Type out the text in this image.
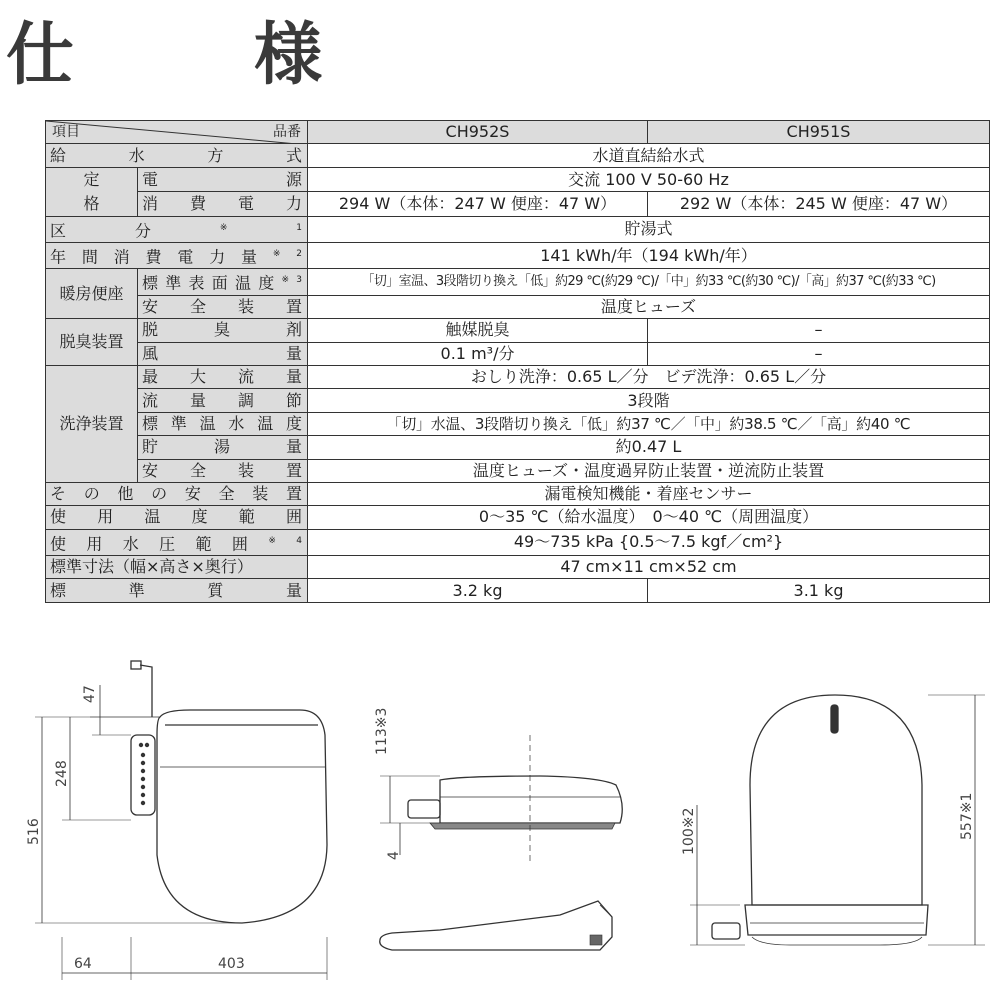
仕　様
項目 品番		CH952S	CH951S
給水方式		水道直結給水式	
定格	電源	交流 100 V 50-60 Hz	
	消費電力	294 W（本体：247 W 便座：47 W）	292 W（本体：245 W 便座：47 W）
区分$^{※1}$		貯湯式	
年間消費電力量$^{※2}$		141 kWh/年（194 kWh/年）	
暖房便座	標準表面温度$^{※3}$	「切」室温、3段階切り換え「低」約29 ℃(約29 ℃)/「中」約33 ℃(約30 ℃)/「高」約37 ℃(約33 ℃)	
	安全装置	温度ヒューズ	
脱臭装置	脱臭剤	触媒脱臭	–
	風量	0.1 m³/分	–
洗浄装置	最大流量	おしり洗浄：0.65 L／分　ビデ洗浄：0.65 L／分	
	流量調節	3段階	
	標準温水温度	「切」水温、3段階切り換え「低」約37 ℃／「中」約38.5 ℃／「高」約40 ℃	
	貯湯量	約0.47 L	
	安全装置	温度ヒューズ・温度過昇防止装置・逆流防止装置	
その他の安全装置		漏電検知機能・着座センサー	
使用温度範囲		0～35 ℃（給水温度）　0～40 ℃（周囲温度）	
使用水圧範囲$^{※4}$		49～735 kPa {0.5～7.5 kgf／cm²}	
標準寸法（幅×高さ×奥行）		47 cm×11 cm×52 cm	
標準質量		3.2 kg	3.1 kg
47
248
516
64	403
113※3
4
100※2	557※1
